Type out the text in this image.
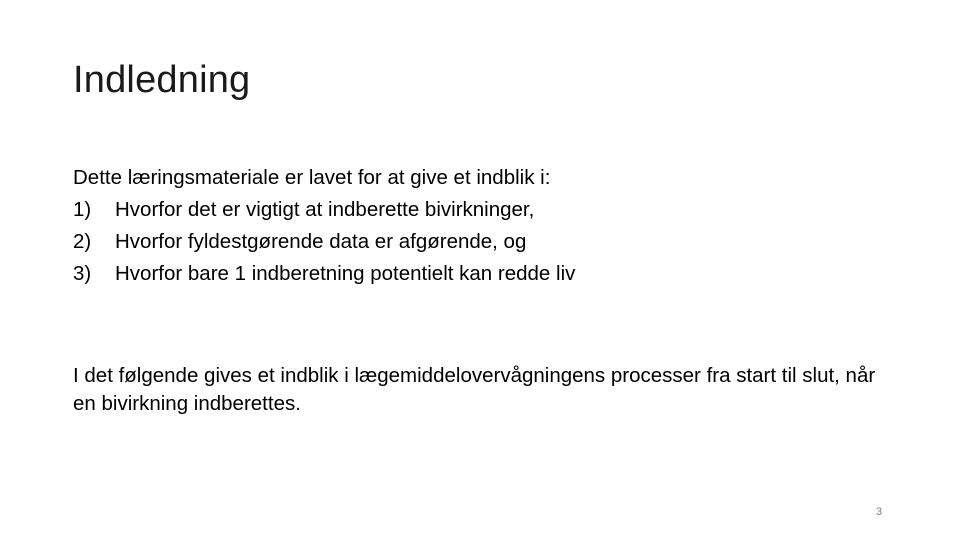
Indledning

Dette læringsmateriale er lavet for at give et indblik i:

1)	Hvorfor det er vigtigt at indberette bivirkninger,
2)	Hvorfor fyldestgørende data er afgørende, og
3)	Hvorfor bare 1 indberetning potentielt kan redde liv

I det følgende gives et indblik i lægemiddelovervågningens processer fra start til slut, når en bivirkning indberettes.

3
